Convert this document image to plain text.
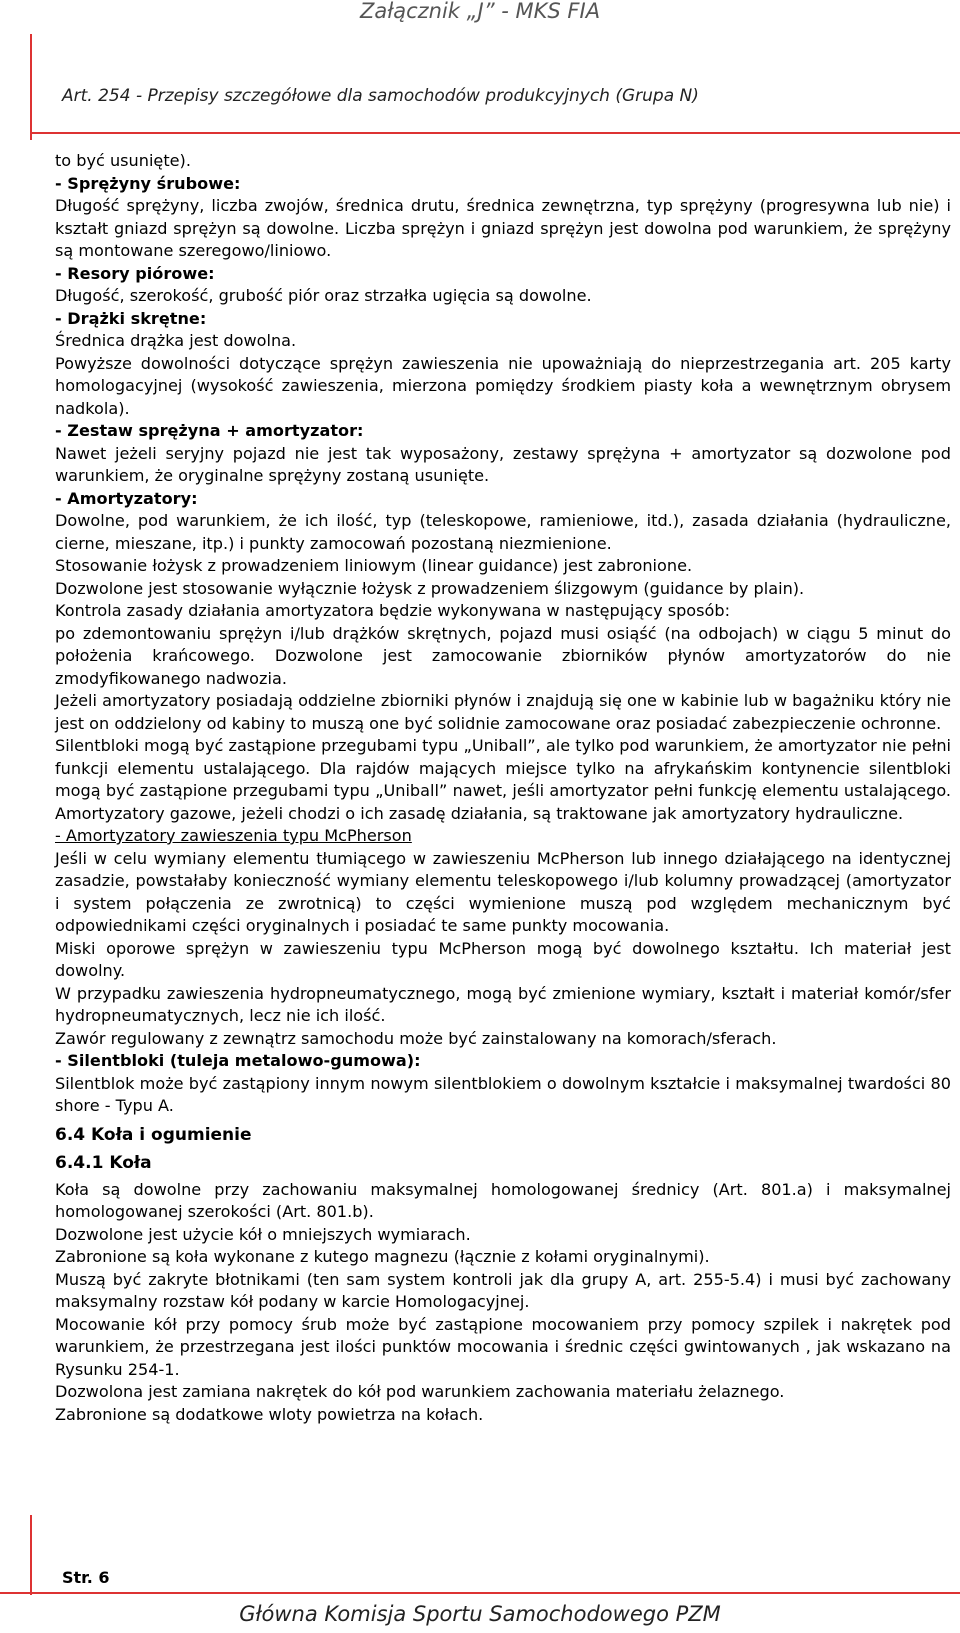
Załącznik „J” - MKS FIA
Art. 254 - Przepisy szczegółowe dla samochodów produkcyjnych (Grupa N)

to być usunięte).

- Sprężyny śrubowe:

Długość sprężyny, liczba zwojów, średnica drutu, średnica zewnętrzna, typ sprężyny (progresywna lub nie) i kształt gniazd sprężyn są dowolne. Liczba sprężyn i gniazd sprężyn jest dowolna pod warunkiem, że sprężyny są montowane szeregowo/liniowo.

- Resory piórowe:

Długość, szerokość, grubość piór oraz strzałka ugięcia są dowolne.

- Drążki skrętne:

Średnica drążka jest dowolna.

Powyższe dowolności dotyczące sprężyn zawieszenia nie upoważniają do nieprzestrzegania art. 205 karty homologacyjnej (wysokość zawieszenia, mierzona pomiędzy środkiem piasty koła a wewnętrznym obrysem nadkola).

- Zestaw sprężyna + amortyzator:

Nawet jeżeli seryjny pojazd nie jest tak wyposażony, zestawy sprężyna + amortyzator są dozwolone pod warunkiem, że oryginalne sprężyny zostaną usunięte.

- Amortyzatory:

Dowolne, pod warunkiem, że ich ilość, typ (teleskopowe, ramieniowe, itd.), zasada działania (hydrauliczne, cierne, mieszane, itp.) i punkty zamocowań pozostaną niezmienione.

Stosowanie łożysk z prowadzeniem liniowym (linear guidance) jest zabronione.

Dozwolone jest stosowanie wyłącznie łożysk z prowadzeniem ślizgowym (guidance by plain).

Kontrola zasady działania amortyzatora będzie wykonywana w następujący sposób:

po zdemontowaniu sprężyn i/lub drążków skrętnych, pojazd musi osiąść (na odbojach) w ciągu 5 minut do położenia krańcowego. Dozwolone jest zamocowanie zbiorników płynów amortyzatorów do nie zmodyfikowanego nadwozia.

Jeżeli amortyzatory posiadają oddzielne zbiorniki płynów i znajdują się one w kabinie lub w bagażniku który nie jest on oddzielony od kabiny to muszą one być solidnie zamocowane oraz posiadać zabezpieczenie ochronne.

Silentbloki mogą być zastąpione przegubami typu „Uniball”, ale tylko pod warunkiem, że amortyzator nie pełni funkcji elementu ustalającego. Dla rajdów mających miejsce tylko na afrykańskim kontynencie silentbloki mogą być zastąpione przegubami typu „Uniball” nawet, jeśli amortyzator pełni funkcję elementu ustalającego. Amortyzatory gazowe, jeżeli chodzi o ich zasadę działania, są traktowane jak amortyzatory hydrauliczne.

- Amortyzatory zawieszenia typu McPherson

Jeśli w celu wymiany elementu tłumiącego w zawieszeniu McPherson lub innego działającego na identycznej zasadzie, powstałaby konieczność wymiany elementu teleskopowego i/lub kolumny prowadzącej (amortyzator i system połączenia ze zwrotnicą) to części wymienione muszą pod względem mechanicznym być odpowiednikami części oryginalnych i posiadać te same punkty mocowania.

Miski oporowe sprężyn w zawieszeniu typu McPherson mogą być dowolnego kształtu. Ich materiał jest dowolny.

W przypadku zawieszenia hydropneumatycznego, mogą być zmienione wymiary, kształt i materiał komór/sfer hydropneumatycznych, lecz nie ich ilość.

Zawór regulowany z zewnątrz samochodu może być zainstalowany na komorach/sferach.

- Silentbloki (tuleja metalowo-gumowa):

Silentblok może być zastąpiony innym nowym silentblokiem o dowolnym kształcie i maksymalnej twardości 80 shore - Typu A.

6.4 Koła i ogumienie

6.4.1 Koła

Koła są dowolne przy zachowaniu maksymalnej homologowanej średnicy (Art. 801.a) i maksymalnej homologowanej szerokości (Art. 801.b).

Dozwolone jest użycie kół o mniejszych wymiarach.

Zabronione są koła wykonane z kutego magnezu (łącznie z kołami oryginalnymi).

Muszą być zakryte błotnikami (ten sam system kontroli jak dla grupy A, art. 255-5.4) i musi być zachowany maksymalny rozstaw kół podany w karcie Homologacyjnej.

Mocowanie kół przy pomocy śrub może być zastąpione mocowaniem przy pomocy szpilek i nakrętek pod warunkiem, że przestrzegana jest ilości punktów mocowania i średnic części gwintowanych , jak wskazano na Rysunku 254-1.

Dozwolona jest zamiana nakrętek do kół pod warunkiem zachowania materiału żelaznego.

Zabronione są dodatkowe wloty powietrza na kołach.

Str. 6
Główna Komisja Sportu Samochodowego PZM
